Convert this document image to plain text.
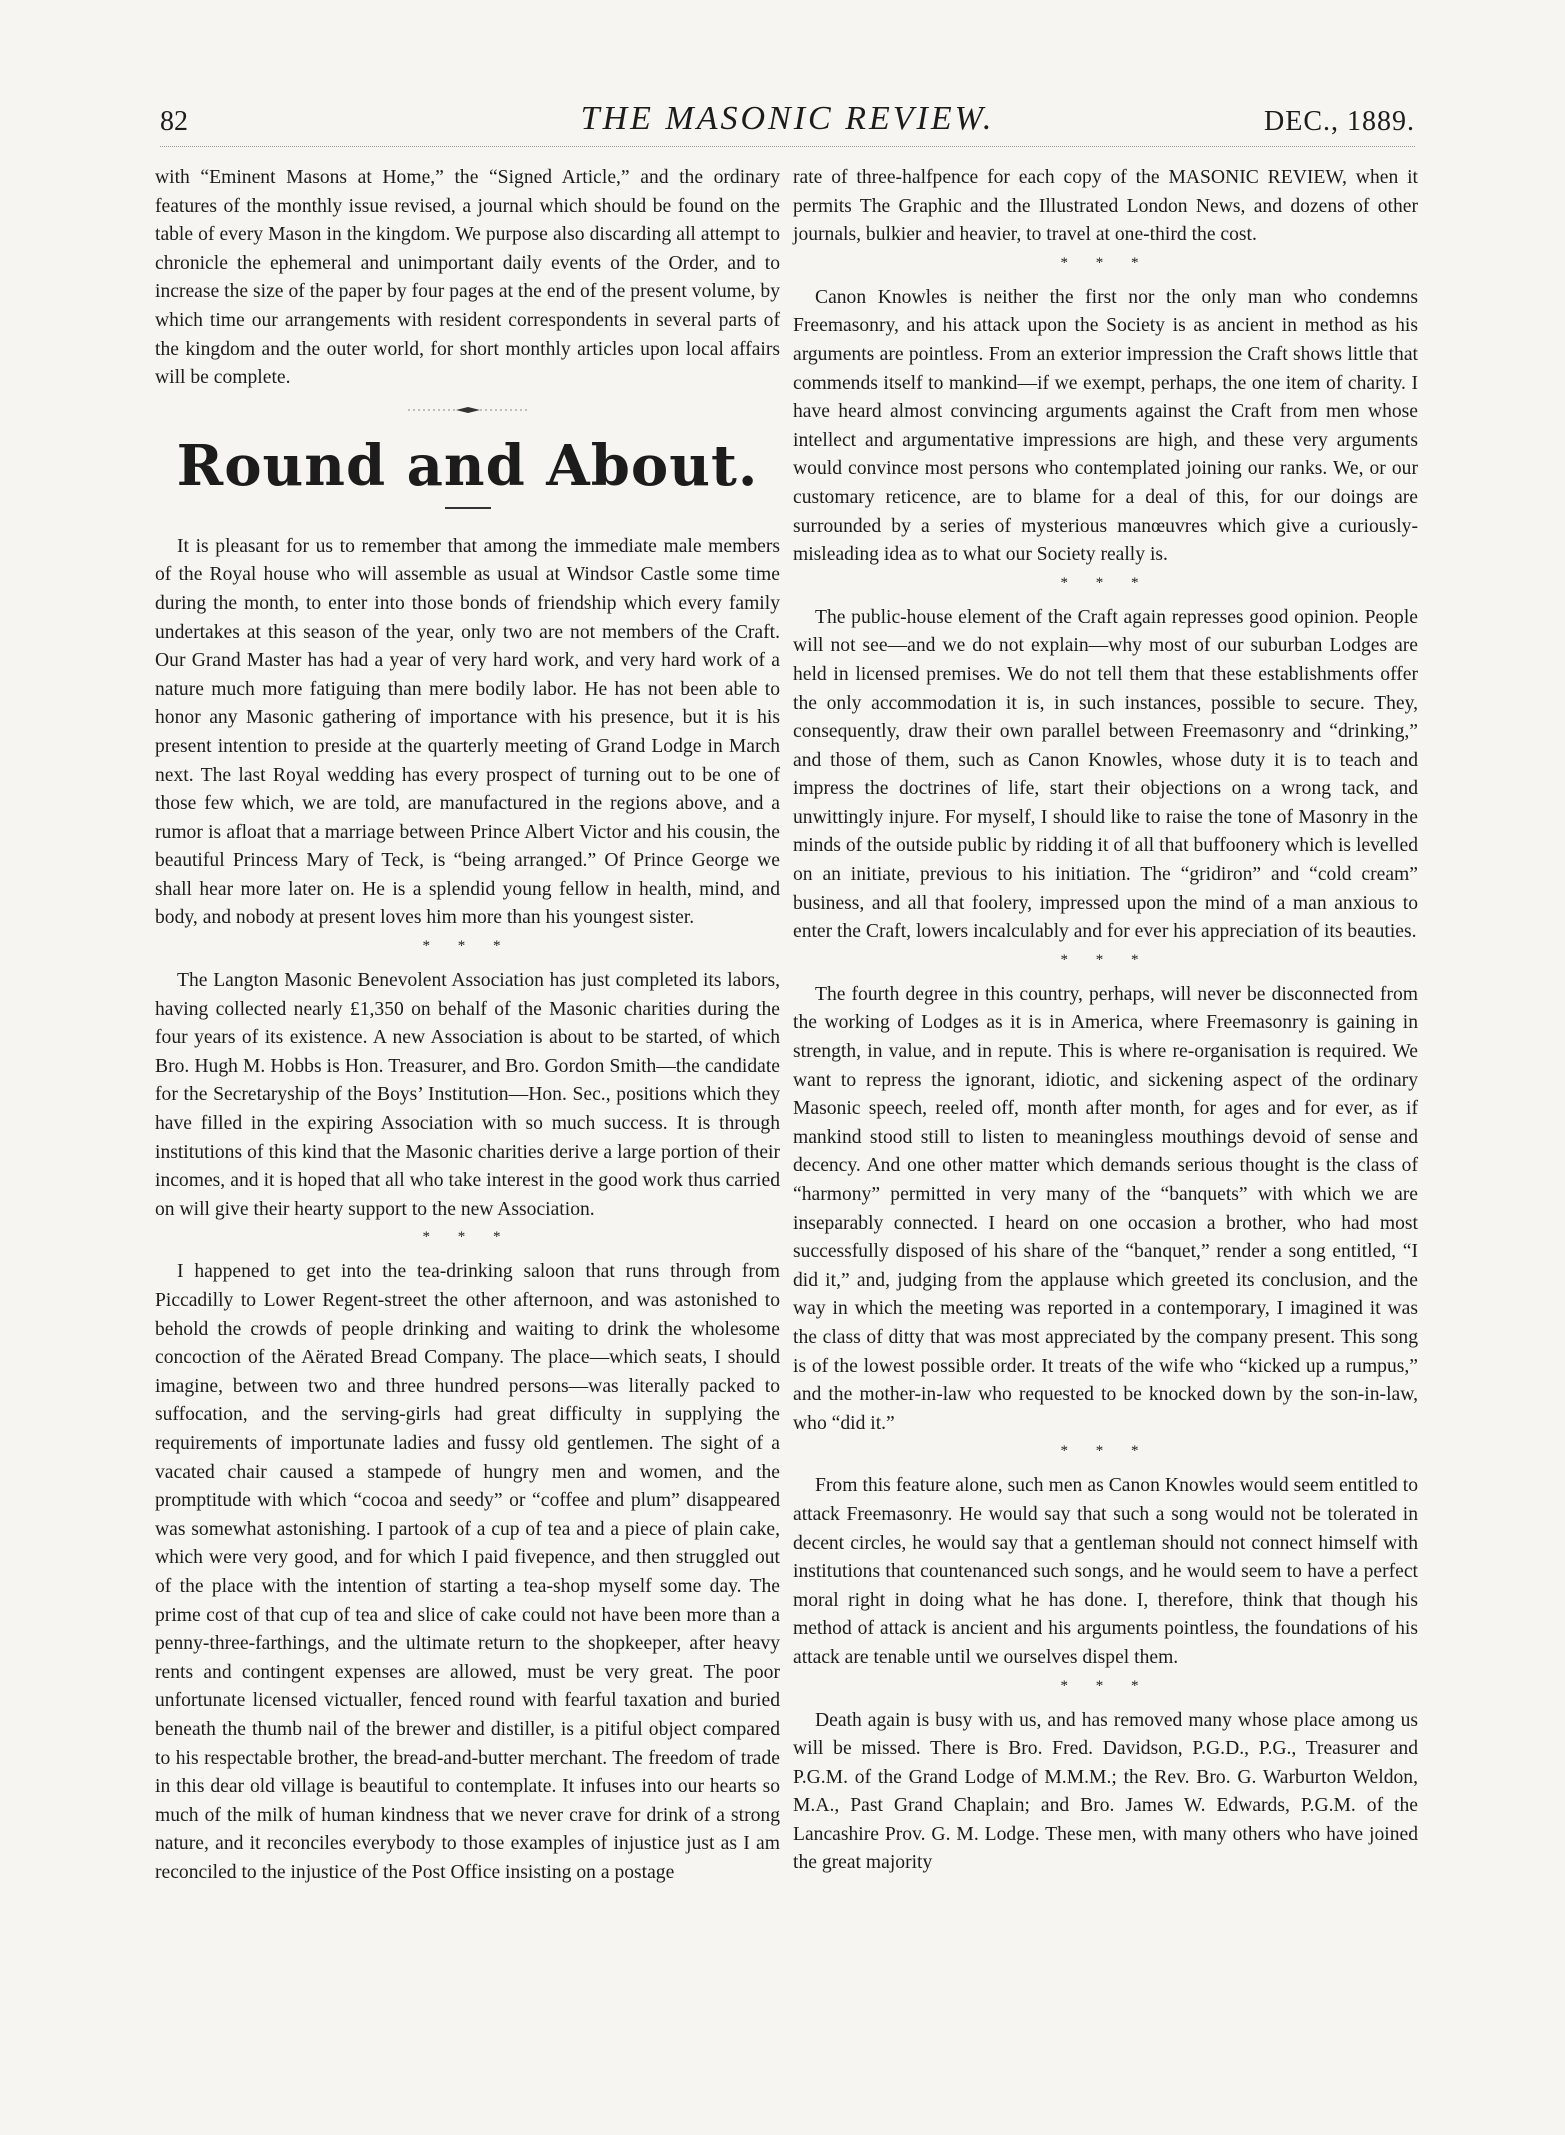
82	THE MASONIC REVIEW.	DEC., 1889.

with “Eminent Masons at Home,” the “Signed Article,” and the ordinary features of the monthly issue revised, a journal which should be found on the table of every Mason in the kingdom. We purpose also discarding all attempt to chronicle the ephemeral and unimportant daily events of the Order, and to increase the size of the paper by four pages at the end of the present volume, by which time our arrangements with resident correspondents in several parts of the kingdom and the outer world, for short monthly articles upon local affairs will be complete.

Round and About.

It is pleasant for us to remember that among the immediate male members of the Royal house who will assemble as usual at Windsor Castle some time during the month, to enter into those bonds of friendship which every family undertakes at this season of the year, only two are not members of the Craft. Our Grand Master has had a year of very hard work, and very hard work of a nature much more fatiguing than mere bodily labor. He has not been able to honor any Masonic gathering of importance with his presence, but it is his present intention to preside at the quarterly meeting of Grand Lodge in March next. The last Royal wedding has every prospect of turning out to be one of those few which, we are told, are manufactured in the regions above, and a rumor is afloat that a marriage between Prince Albert Victor and his cousin, the beautiful Princess Mary of Teck, is “being arranged.” Of Prince George we shall hear more later on. He is a splendid young fellow in health, mind, and body, and nobody at present loves him more than his youngest sister.

* * *

The Langton Masonic Benevolent Association has just completed its labors, having collected nearly £1,350 on behalf of the Masonic charities during the four years of its existence. A new Association is about to be started, of which Bro. Hugh M. Hobbs is Hon. Treasurer, and Bro. Gordon Smith—the candidate for the Secretaryship of the Boys’ Institution—Hon. Sec., positions which they have filled in the expiring Association with so much success. It is through institutions of this kind that the Masonic charities derive a large portion of their incomes, and it is hoped that all who take interest in the good work thus carried on will give their hearty support to the new Association.

* * *

I happened to get into the tea-drinking saloon that runs through from Piccadilly to Lower Regent-street the other afternoon, and was astonished to behold the crowds of people drinking and waiting to drink the wholesome concoction of the Aërated Bread Company. The place—which seats, I should imagine, between two and three hundred persons—was literally packed to suffocation, and the serving-girls had great difficulty in supplying the requirements of importunate ladies and fussy old gentlemen. The sight of a vacated chair caused a stampede of hungry men and women, and the promptitude with which “cocoa and seedy” or “coffee and plum” disappeared was somewhat astonishing. I partook of a cup of tea and a piece of plain cake, which were very good, and for which I paid fivepence, and then struggled out of the place with the intention of starting a tea-shop myself some day. The prime cost of that cup of tea and slice of cake could not have been more than a penny-three-farthings, and the ultimate return to the shopkeeper, after heavy rents and contingent expenses are allowed, must be very great. The poor unfortunate licensed victualler, fenced round with fearful taxation and buried beneath the thumb nail of the brewer and distiller, is a pitiful object compared to his respectable brother, the bread-and-butter merchant. The freedom of trade in this dear old village is beautiful to contemplate. It infuses into our hearts so much of the milk of human kindness that we never crave for drink of a strong nature, and it reconciles everybody to those examples of injustice just as I am reconciled to the injustice of the Post Office insisting on a postage

rate of three-halfpence for each copy of the MASONIC REVIEW, when it permits The Graphic and the Illustrated London News, and dozens of other journals, bulkier and heavier, to travel at one-third the cost.

* * *

Canon Knowles is neither the first nor the only man who condemns Freemasonry, and his attack upon the Society is as ancient in method as his arguments are pointless. From an exterior impression the Craft shows little that commends itself to mankind—if we exempt, perhaps, the one item of charity. I have heard almost convincing arguments against the Craft from men whose intellect and argumentative impressions are high, and these very arguments would convince most persons who contemplated joining our ranks. We, or our customary reticence, are to blame for a deal of this, for our doings are surrounded by a series of mysterious manœuvres which give a curiously-misleading idea as to what our Society really is.

* * *

The public-house element of the Craft again represses good opinion. People will not see—and we do not explain—why most of our suburban Lodges are held in licensed premises. We do not tell them that these establishments offer the only accommodation it is, in such instances, possible to secure. They, consequently, draw their own parallel between Freemasonry and “drinking,” and those of them, such as Canon Knowles, whose duty it is to teach and impress the doctrines of life, start their objections on a wrong tack, and unwittingly injure. For myself, I should like to raise the tone of Masonry in the minds of the outside public by ridding it of all that buffoonery which is levelled on an initiate, previous to his initiation. The “gridiron” and “cold cream” business, and all that foolery, impressed upon the mind of a man anxious to enter the Craft, lowers incalculably and for ever his appreciation of its beauties.

* * *

The fourth degree in this country, perhaps, will never be disconnected from the working of Lodges as it is in America, where Freemasonry is gaining in strength, in value, and in repute. This is where re-organisation is required. We want to repress the ignorant, idiotic, and sickening aspect of the ordinary Masonic speech, reeled off, month after month, for ages and for ever, as if mankind stood still to listen to meaningless mouthings devoid of sense and decency. And one other matter which demands serious thought is the class of “harmony” permitted in very many of the “banquets” with which we are inseparably connected. I heard on one occasion a brother, who had most successfully disposed of his share of the “banquet,” render a song entitled, “I did it,” and, judging from the applause which greeted its conclusion, and the way in which the meeting was reported in a contemporary, I imagined it was the class of ditty that was most appreciated by the company present. This song is of the lowest possible order. It treats of the wife who “kicked up a rumpus,” and the mother-in-law who requested to be knocked down by the son-in-law, who “did it.”

* * *

From this feature alone, such men as Canon Knowles would seem entitled to attack Freemasonry. He would say that such a song would not be tolerated in decent circles, he would say that a gentleman should not connect himself with institutions that countenanced such songs, and he would seem to have a perfect moral right in doing what he has done. I, therefore, think that though his method of attack is ancient and his arguments pointless, the foundations of his attack are tenable until we ourselves dispel them.

* * *

Death again is busy with us, and has removed many whose place among us will be missed. There is Bro. Fred. Davidson, P.G.D., P.G., Treasurer and P.G.M. of the Grand Lodge of M.M.M.; the Rev. Bro. G. Warburton Weldon, M.A., Past Grand Chaplain; and Bro. James W. Edwards, P.G.M. of the Lancashire Prov. G. M. Lodge. These men, with many others who have joined the great majority
